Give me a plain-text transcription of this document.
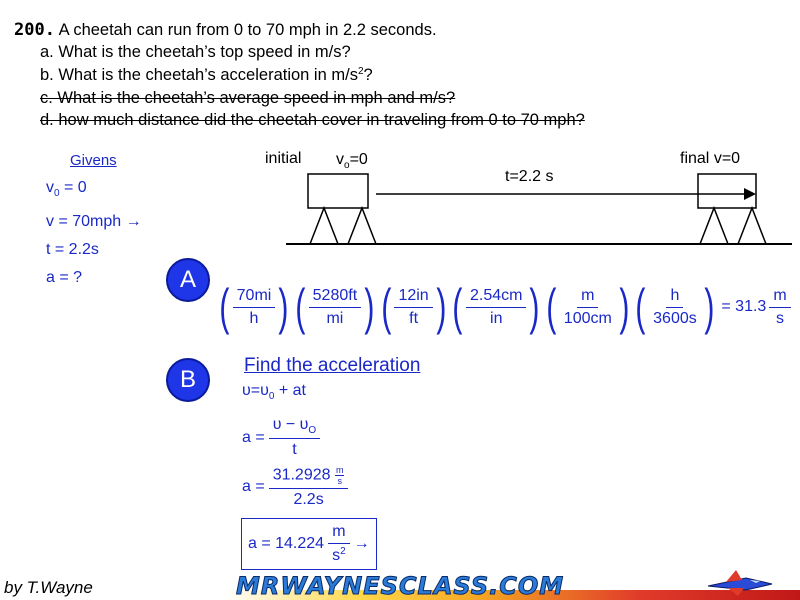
200. A cheetah can run from 0 to 70 mph in 2.2 seconds.
a. What is the cheetah’s top speed in m/s?
b. What is the cheetah’s acceleration in $m/s^2$?
c. What is the cheetah’s average speed in mph and m/s?
d. how much distance did the cheetah cover in traveling from 0 to 70 mph?
Givens
$v_0 = 0$
v = 70mph →
t = 2.2s
a = ?
initial $v_o=0$
t=2.2 s
final v=0
A ( $\frac{70mi}{h}$ ) ( $\frac{5280ft}{mi}$ ) ( $\frac{12in}{ft}$ ) ( $\frac{2.54cm}{in}$ ) ( $\frac{m}{100cm}$ ) ( $\frac{h}{3600s}$ ) = $31.3 \frac{m}{s}$
B
Find the acceleration
$\upsilon=\upsilon_0$ + at
$a = \frac{\upsilon - \upsilon_O}{t}$
$a = \frac{31.2928 \frac{m}{s}}{2.2s}$
$a = 14.224 \frac{m}{s^2}$ →
by T.Wayne	MRWAYNESCLASS.COM
